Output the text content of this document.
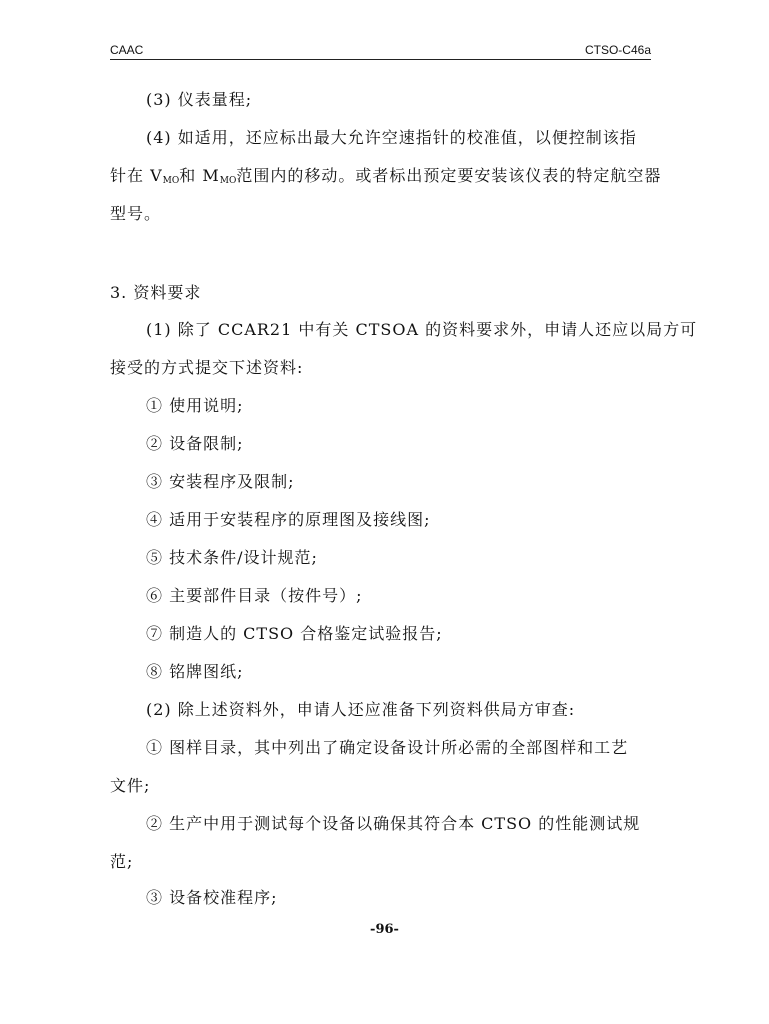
CAAC	CTSO-C46a
(3) 仪表量程;
(4) 如适用，还应标出最大允许空速指针的校准值，以便控制该指
针在 $V_{MO}$和 $M_{MO}$范围内的移动。或者标出预定要安装该仪表的特定航空器
型号。
3. 资料要求
(1) 除了 CCAR21 中有关 CTSOA 的资料要求外，申请人还应以局方可
接受的方式提交下述资料:
① 使用说明;
② 设备限制;
③ 安装程序及限制;
④ 适用于安装程序的原理图及接线图;
⑤ 技术条件/设计规范;
⑥ 主要部件目录（按件号）;
⑦ 制造人的 CTSO 合格鉴定试验报告;
⑧ 铭牌图纸;
(2) 除上述资料外，申请人还应准备下列资料供局方审查:
① 图样目录，其中列出了确定设备设计所必需的全部图样和工艺
文件;
② 生产中用于测试每个设备以确保其符合本 CTSO 的性能测试规
范;
③ 设备校准程序;
-96-
